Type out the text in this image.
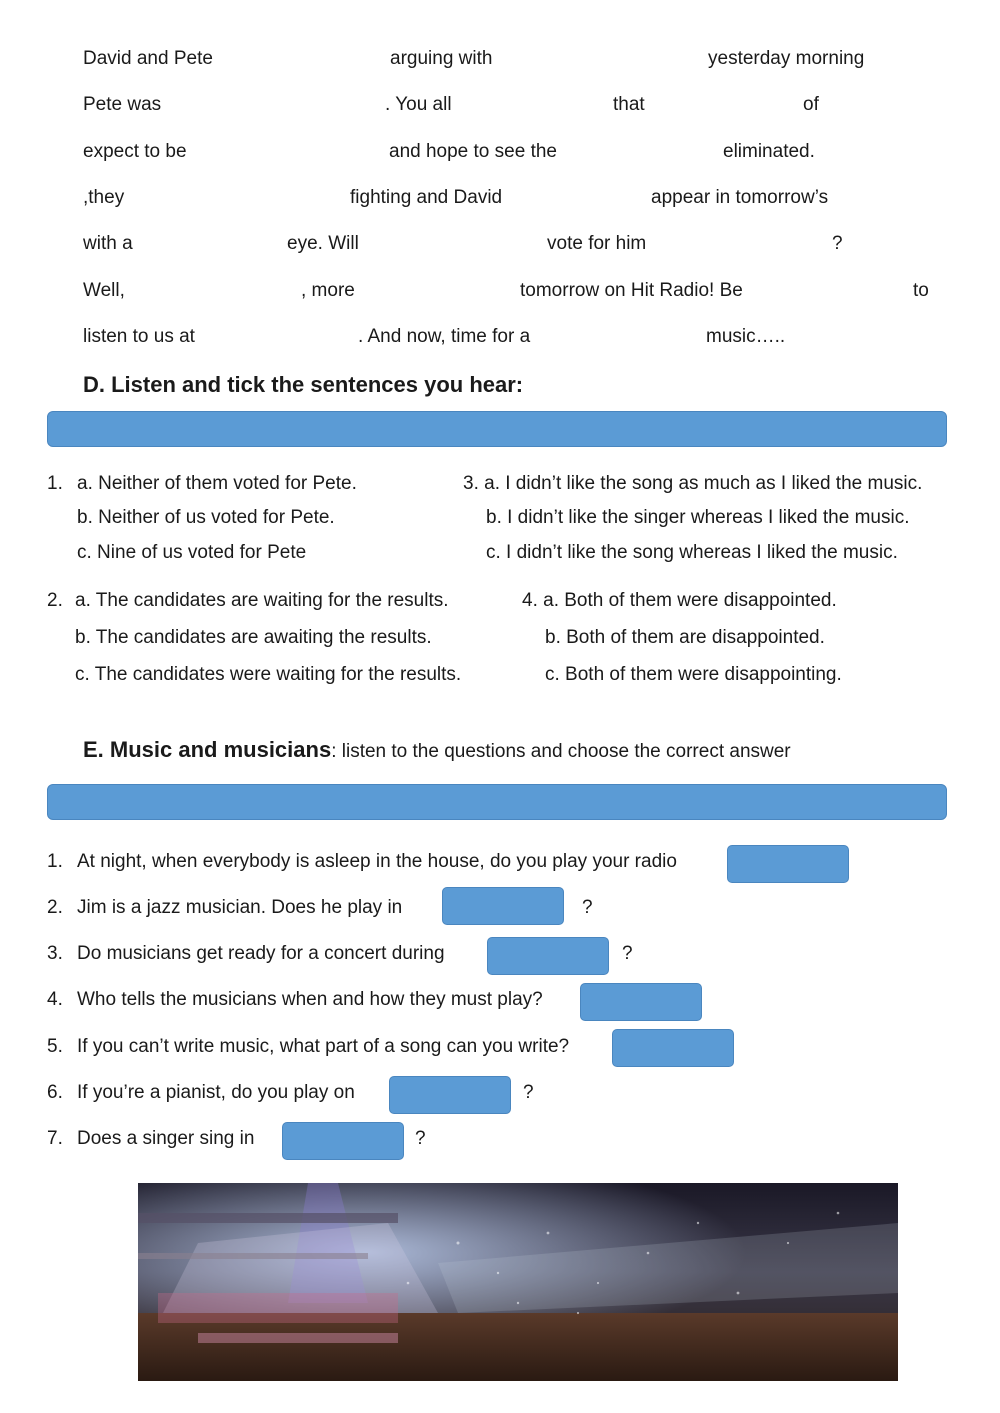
David and Pete	arguing with	yesterday morning
Pete was	. You all	that	of
expect to be	and hope to see the	eliminated.
,they	fighting and David	appear in tomorrow’s
with a	eye. Will	vote for him	?
Well,	, more	tomorrow on Hit Radio! Be	to
listen to us at	. And now, time for a	music…..
D. Listen and tick the sentences you hear:
1. a. Neither of them voted for Pete.
b. Neither of us voted for Pete.
c. Nine of us voted for Pete
3. a. I didn’t like the song as much as I liked the music.
b. I didn’t like the singer whereas I liked the music.
c. I didn’t like the song whereas I liked the music.
2. a. The candidates are waiting for the results.
b. The candidates are awaiting the results.
c. The candidates were waiting for the results.
4. a. Both of them were disappointed.
b. Both of them are disappointed.
c. Both of them were disappointing.
E. Music and musicians: listen to the questions and choose the correct answer
1. At night, when everybody is asleep in the house, do you play your radio
2. Jim is a jazz musician. Does he play in	?
3. Do musicians get ready for a concert during	?
4. Who tells the musicians when and how they must play?
5. If you can’t write music, what part of a song can you write?
6. If you’re a pianist, do you play on	?
7. Does a singer sing in	?
